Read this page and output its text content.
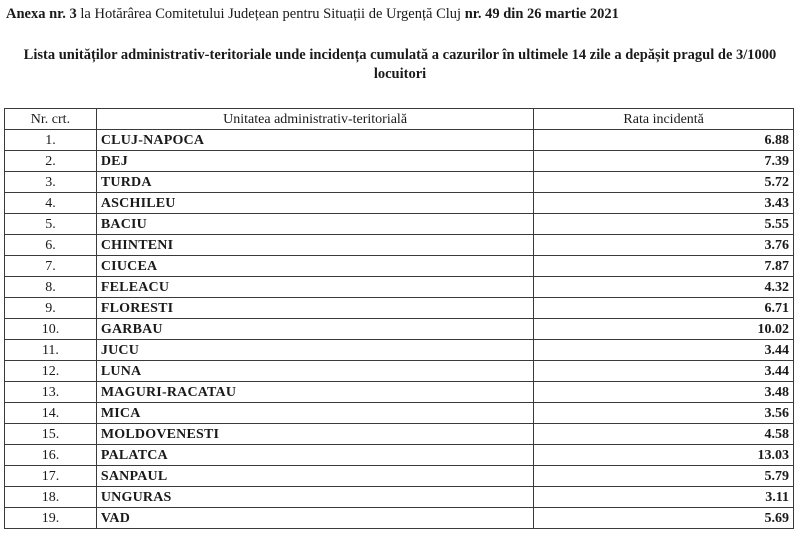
‾‾‾‾‾‾‾‾‾‾
Anexa nr. 3 la Hotărârea Comitetului Județean pentru Situații de Urgență Cluj nr. 49 din 26 martie 2021
Lista unităților administrativ-teritoriale unde incidența cumulată a cazurilor în ultimele 14 zile a depășit pragul de 3/1000
locuitori
Nr. crt.	Unitatea administrativ-teritorială	Rata incidentă
1.	CLUJ-NAPOCA	6.88
2.	DEJ	7.39
3.	TURDA	5.72
4.	ASCHILEU	3.43
5.	BACIU	5.55
6.	CHINTENI	3.76
7.	CIUCEA	7.87
8.	FELEACU	4.32
9.	FLORESTI	6.71
10.	GARBAU	10.02
11.	JUCU	3.44
12.	LUNA	3.44
13.	MAGURI-RACATAU	3.48
14.	MICA	3.56
15.	MOLDOVENESTI	4.58
16.	PALATCA	13.03
17.	SANPAUL	5.79
18.	UNGURAS	3.11
19.	VAD	5.69
